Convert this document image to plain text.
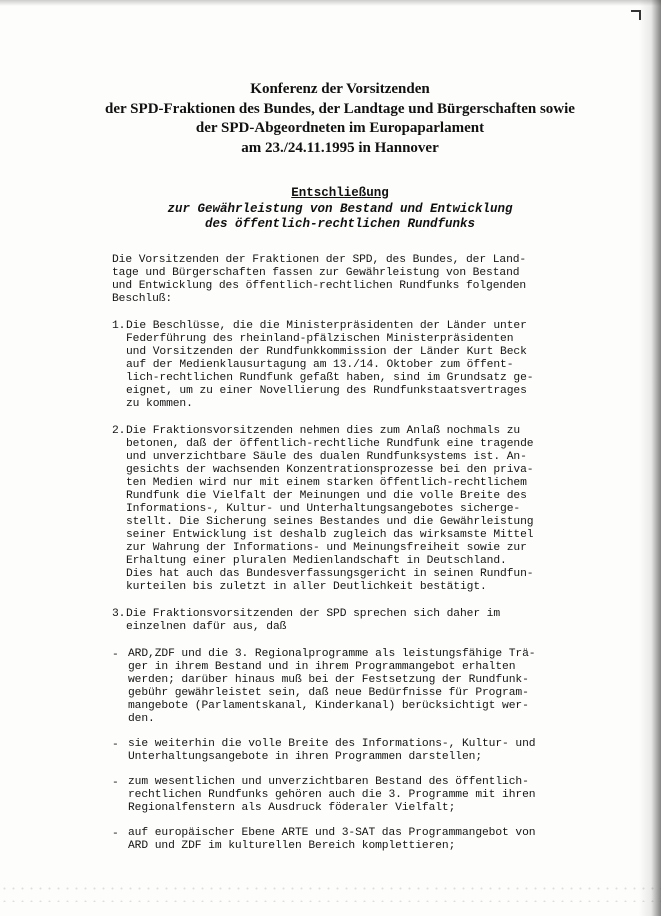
Konferenz der Vorsitzenden
der SPD-Fraktionen des Bundes, der Landtage und Bürgerschaften sowie
der SPD-Abgeordneten im Europaparlament
am 23./24.11.1995 in Hannover
Entschließung
zur Gewährleistung von Bestand und Entwicklung
des öffentlich-rechtlichen Rundfunks
Die Vorsitzenden der Fraktionen der SPD, des Bundes, der Land-
tage und Bürgerschaften fassen zur Gewährleistung von Bestand
und Entwicklung des öffentlich-rechtlichen Rundfunks folgenden
Beschluß:
1. Die Beschlüsse, die die Ministerpräsidenten der Länder unter
Federführung des rheinland-pfälzischen Ministerpräsidenten
und Vorsitzenden der Rundfunkkommission der Länder Kurt Beck
auf der Medienklausurtagung am 13./14. Oktober zum öffent-
lich-rechtlichen Rundfunk gefaßt haben, sind im Grundsatz ge-
eignet, um zu einer Novellierung des Rundfunkstaatsvertrages
zu kommen.
2. Die Fraktionsvorsitzenden nehmen dies zum Anlaß nochmals zu
betonen, daß der öffentlich-rechtliche Rundfunk eine tragende
und unverzichtbare Säule des dualen Rundfunksystems ist. An-
gesichts der wachsenden Konzentrationsprozesse bei den priva-
ten Medien wird nur mit einem starken öffentlich-rechtlichem
Rundfunk die Vielfalt der Meinungen und die volle Breite des
Informations-, Kultur- und Unterhaltungsangebotes sicherge-
stellt. Die Sicherung seines Bestandes und die Gewährleistung
seiner Entwicklung ist deshalb zugleich das wirksamste Mittel
zur Wahrung der Informations- und Meinungsfreiheit sowie zur
Erhaltung einer pluralen Medienlandschaft in Deutschland.
Dies hat auch das Bundesverfassungsgericht in seinen Rundfun-
kurteilen bis zuletzt in aller Deutlichkeit bestätigt.
3. Die Fraktionsvorsitzenden der SPD sprechen sich daher im
einzelnen dafür aus, daß
- ARD,ZDF und die 3. Regionalprogramme als leistungsfähige Trä-
ger in ihrem Bestand und in ihrem Programmangebot erhalten
werden; darüber hinaus muß bei der Festsetzung der Rundfunk-
gebühr gewährleistet sein, daß neue Bedürfnisse für Program-
mangebote (Parlamentskanal, Kinderkanal) berücksichtigt wer-
den.
- sie weiterhin die volle Breite des Informations-, Kultur- und
Unterhaltungsangebote in ihren Programmen darstellen;
- zum wesentlichen und unverzichtbaren Bestand des öffentlich-
rechtlichen Rundfunks gehören auch die 3. Programme mit ihren
Regionalfenstern als Ausdruck föderaler Vielfalt;
- auf europäischer Ebene ARTE und 3-SAT das Programmangebot von
ARD und ZDF im kulturellen Bereich komplettieren;
